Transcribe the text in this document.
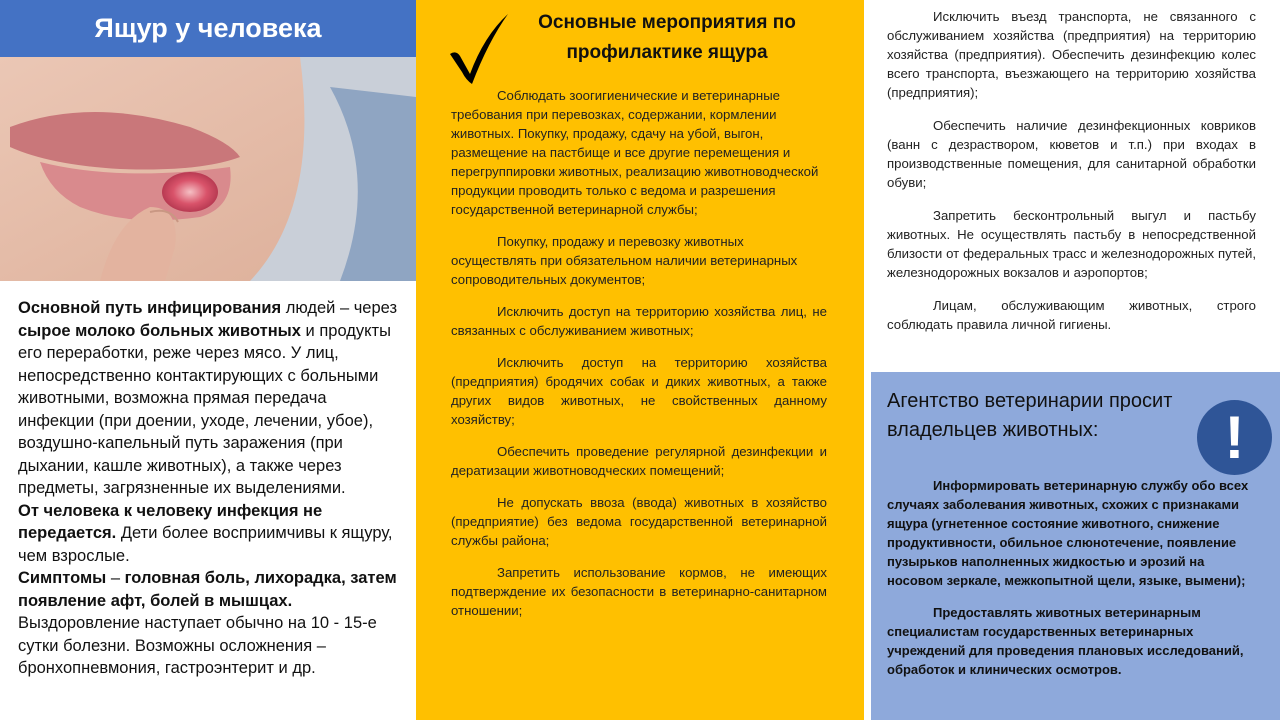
Ящур у человека
Основной путь инфицирования людей – через сырое молоко больных животных и продукты его переработки, реже через мясо. У лиц, непосредственно контактирующих с больными животными, возможна прямая передача инфекции (при доении, уходе, лечении, убое), воздушно-капельный путь заражения (при дыхании, кашле животных), а также через предметы, загрязненные их выделениями.
От человека к человеку инфекция не передается. Дети более восприимчивы к ящуру, чем взрослые.
Симптомы – головная боль, лихорадка, затем появление афт, болей в мышцах. Выздоровление наступает обычно на 10 - 15-е сутки болезни. Возможны осложнения – бронхопневмония, гастроэнтерит и др.
Основные мероприятия по профилактике ящура

Соблюдать зоогигиенические и ветеринарные требования при перевозках, содержании, кормлении животных. Покупку, продажу, сдачу на убой, выгон, размещение на пастбище и все другие перемещения и перегруппировки животных, реализацию животноводческой продукции проводить только с ведома и разрешения государственной ветеринарной службы;

Покупку, продажу и перевозку животных осуществлять при обязательном наличии ветеринарных сопроводительных документов;

Исключить доступ на территорию хозяйства лиц, не связанных с обслуживанием животных;

Исключить доступ на территорию хозяйства (предприятия) бродячих собак и диких животных, а также других видов животных, не свойственных данному хозяйству;

Обеспечить проведение регулярной дезинфекции и дератизации животноводческих помещений;

Не допускать ввоза (ввода) животных в хозяйство (предприятие) без ведома государственной ветеринарной службы района;

Запретить использование кормов, не имеющих подтверждение их безопасности в ветеринарно-санитарном отношении;

Исключить въезд транспорта, не связанного с обслуживанием хозяйства (предприятия) на территорию хозяйства (предприятия). Обеспечить дезинфекцию колес всего транспорта, въезжающего на территорию хозяйства (предприятия);

Обеспечить наличие дезинфекционных ковриков (ванн с дезраствором, кюветов и т.п.) при входах в производственные помещения, для санитарной обработки обуви;

Запретить бесконтрольный выгул и пастьбу животных. Не осуществлять пастьбу в непосредственной близости от федеральных трасс и железнодорожных путей, железнодорожных вокзалов и аэропортов;

Лицам, обслуживающим животных, строго соблюдать правила личной гигиены.

Агентство ветеринарии просит владельцев животных:	!

Информировать ветеринарную службу обо всех случаях заболевания животных, схожих с признаками ящура (угнетенное состояние животного, снижение продуктивности, обильное слюнотечение, появление пузырьков наполненных жидкостью и эрозий на носовом зеркале, межкопытной щели, языке, вымени);

Предоставлять животных ветеринарным специалистам государственных ветеринарных учреждений для проведения плановых исследований, обработок и клинических осмотров.
